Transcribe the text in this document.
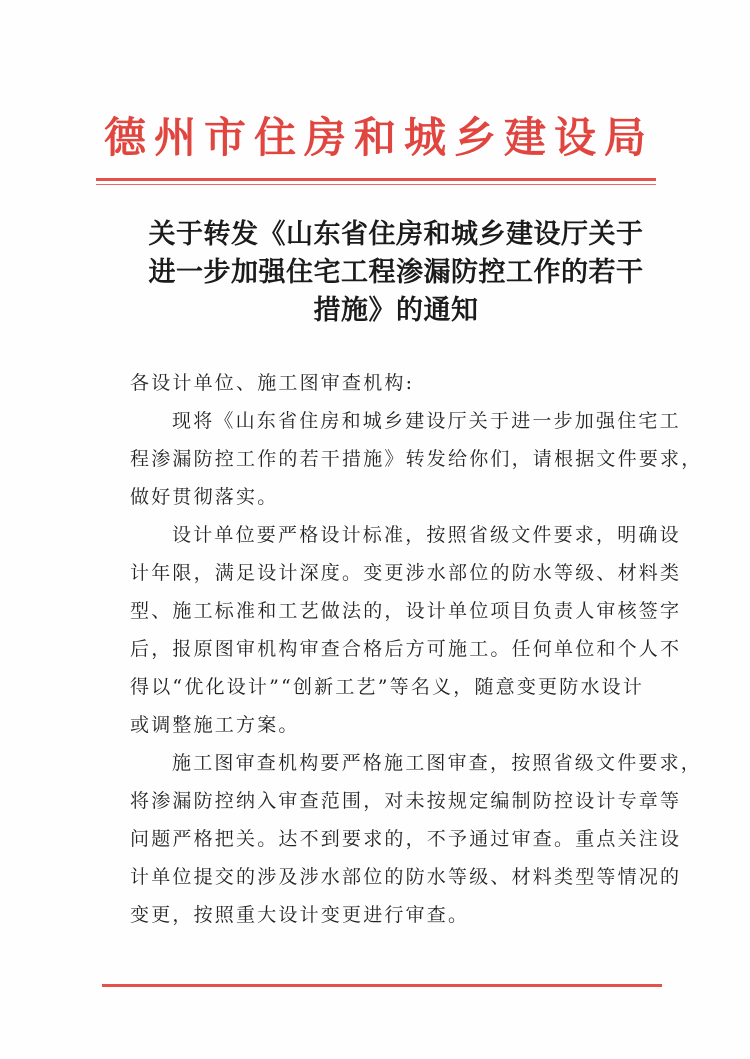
德 州 市 住 房 和 城 乡 建 设 局
关于转发《山东省住房和城乡建设厅关于
进一步加强住宅工程渗漏防控工作的若干
措施》的通知
各设计单位、施工图审查机构:
现将《山东省住房和城乡建设厅关于进一步加强住宅工
程渗漏防控工作的若干措施》转发给你们，请根据文件要求，
做好贯彻落实。
设计单位要严格设计标准，按照省级文件要求，明确设
计年限，满足设计深度。变更涉水部位的防水等级、材料类
型、施工标准和工艺做法的，设计单位项目负责人审核签字
后，报原图审机构审查合格后方可施工。任何单位和个人不
得以“优化设计”“创新工艺”等名义，随意变更防水设计
或调整施工方案。
施工图审查机构要严格施工图审查，按照省级文件要求，
将渗漏防控纳入审查范围，对未按规定编制防控设计专章等
问题严格把关。达不到要求的，不予通过审查。重点关注设
计单位提交的涉及涉水部位的防水等级、材料类型等情况的
变更，按照重大设计变更进行审查。
